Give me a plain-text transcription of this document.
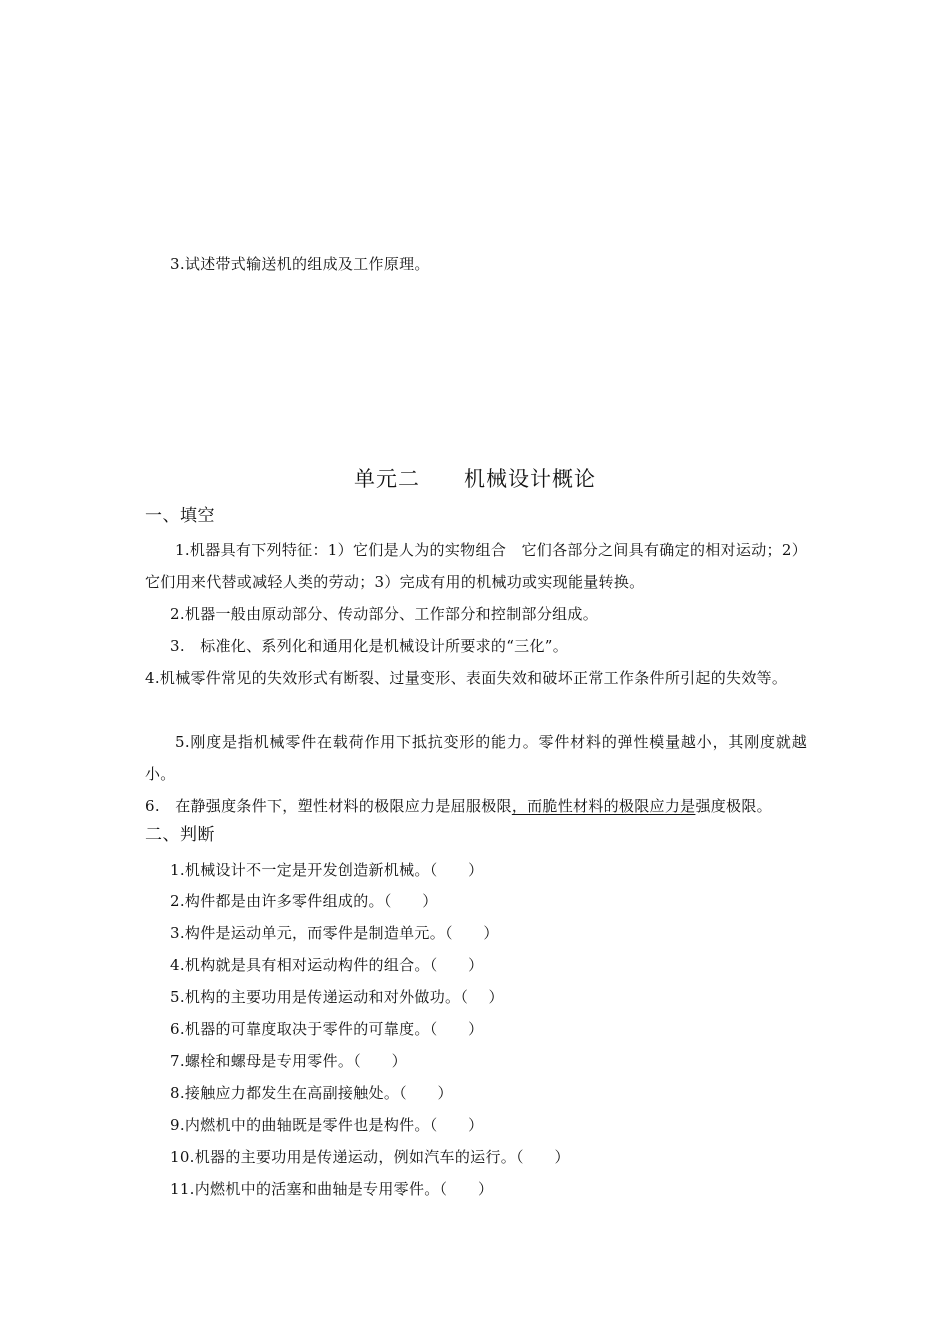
3.试述带式输送机的组成及工作原理。
单元二　　机械设计概论
一、填空
1.机器具有下列特征：1）它们是人为的实物组合　它们各部分之间具有确定的相对运动；2）它们用来代替或减轻人类的劳动；3）完成有用的机械功或实现能量转换。
2.机器一般由原动部分、传动部分、工作部分和控制部分组成。
3.　标准化、系列化和通用化是机械设计所要求的“三化”。
4.机械零件常见的失效形式有断裂、过量变形、表面失效和破坏正常工作条件所引起的失效等。
5.刚度是指机械零件在载荷作用下抵抗变形的能力。零件材料的弹性模量越小，其刚度就越小。
6.　在静强度条件下，塑性材料的极限应力是屈服极限，而脆性材料的极限应力是强度极限。
二、判断
1.机械设计不一定是开发创造新机械。（　　）
2.构件都是由许多零件组成的。（　　）
3.构件是运动单元，而零件是制造单元。（　　）
4.机构就是具有相对运动构件的组合。（　　）
5.机构的主要功用是传递运动和对外做功。（　 ）
6.机器的可靠度取决于零件的可靠度。（　　）
7.螺栓和螺母是专用零件。（　　）
8.接触应力都发生在高副接触处。（　　）
9.内燃机中的曲轴既是零件也是构件。（　　）
10.机器的主要功用是传递运动，例如汽车的运行。（　　）
11.内燃机中的活塞和曲轴是专用零件。（　　）
